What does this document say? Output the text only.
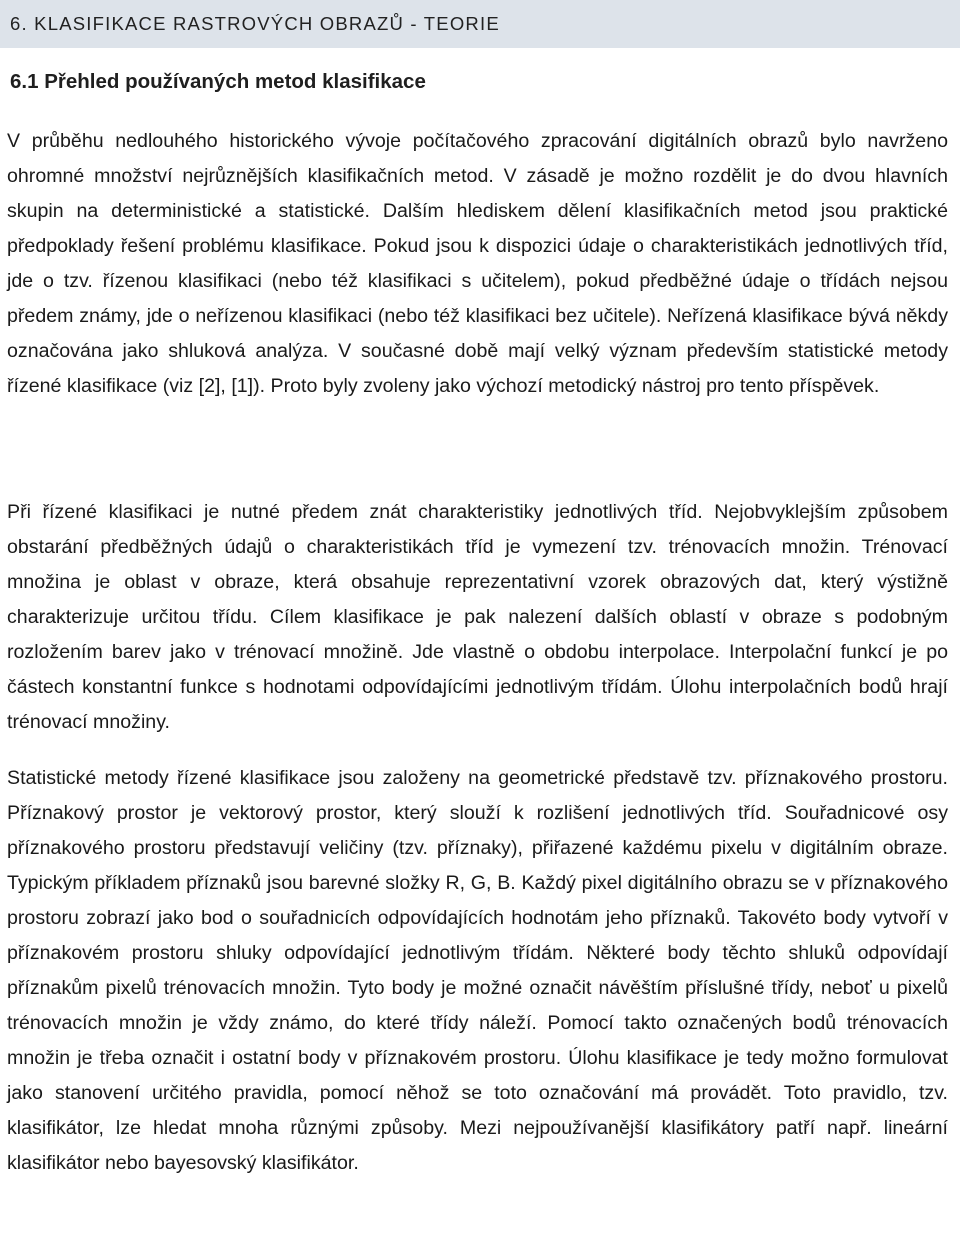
6. KLASIFIKACE RASTROVÝCH OBRAZŮ - TEORIE
6.1 Přehled používaných metod klasifikace

V průběhu nedlouhého historického vývoje počítačového zpracování digitálních obrazů bylo navrženo ohromné množství nejrůznějších klasifikačních metod. V zásadě je možno rozdělit je do dvou hlavních skupin na deterministické a statistické. Dalším hlediskem dělení klasifikačních metod jsou praktické předpoklady řešení problému klasifikace. Pokud jsou k dispozici údaje o charakteristikách jednotlivých tříd, jde o tzv. řízenou klasifikaci (nebo též klasifikaci s učitelem), pokud předběžné údaje o třídách nejsou předem známy, jde o neřízenou klasifikaci (nebo též klasifikaci bez učitele). Neřízená klasifikace bývá někdy označována jako shluková analýza. V současné době mají velký význam především statistické metody řízené klasifikace (viz [2], [1]). Proto byly zvoleny jako výchozí metodický nástroj pro tento příspěvek.

Při řízené klasifikaci je nutné předem znát charakteristiky jednotlivých tříd. Nejobvyklejším způsobem obstarání předběžných údajů o charakteristikách tříd je vymezení tzv. trénovacích množin. Trénovací množina je oblast v obraze, která obsahuje reprezentativní vzorek obrazových dat, který výstižně charakterizuje určitou třídu. Cílem klasifikace je pak nalezení dalších oblastí v obraze s podobným rozložením barev jako v trénovací množině. Jde vlastně o obdobu interpolace. Interpolační funkcí je po částech konstantní funkce s hodnotami odpovídajícími jednotlivým třídám. Úlohu interpolačních bodů hrají trénovací množiny.

Statistické metody řízené klasifikace jsou založeny na geometrické představě tzv. příznakového prostoru. Příznakový prostor je vektorový prostor, který slouží k rozlišení jednotlivých tříd. Souřadnicové osy příznakového prostoru představují veličiny (tzv. příznaky), přiřazené každému pixelu v digitálním obraze. Typickým příkladem příznaků jsou barevné složky R, G, B. Každý pixel digitálního obrazu se v příznakového prostoru zobrazí jako bod o souřadnicích odpovídajících hodnotám jeho příznaků. Takovéto body vytvoří v příznakovém prostoru shluky odpovídající jednotlivým třídám. Některé body těchto shluků odpovídají příznakům pixelů trénovacích množin. Tyto body je možné označit návěštím příslušné třídy, neboť u pixelů trénovacích množin je vždy známo, do které třídy náleží. Pomocí takto označených bodů trénovacích množin je třeba označit i ostatní body v příznakovém prostoru. Úlohu klasifikace je tedy možno formulovat jako stanovení určitého pravidla, pomocí něhož se toto označování má provádět. Toto pravidlo, tzv. klasifikátor, lze hledat mnoha různými způsoby. Mezi nejpoužívanější klasifikátory patří např. lineární klasifikátor nebo bayesovský klasifikátor.
